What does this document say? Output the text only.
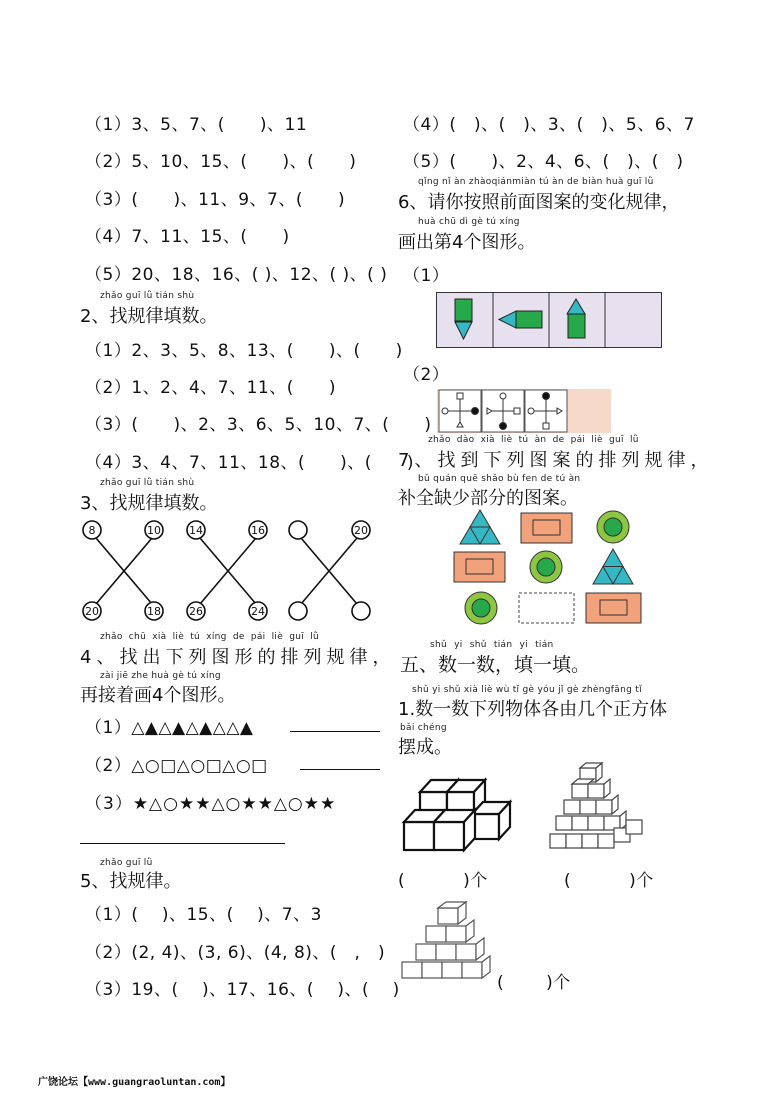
（1）3、5、7、(　　)、11
（2）5、10、15、(　　)、(　　)
（3）(　　)、11、9、7、(　　)
（4）7、11、15、(　　)
（5）20、18、16、( )、12、( )、( )
zhǎo guī lǜ tián shù
2、找规律填数。
（1）2、3、5、8、13、(　　)、(　　)
（2）1、2、4、7、11、(　　)
（3）(　　)、2、3、6、5、10、7、(　　)
（4）3、4、7、11、18、(　　)、(　　)
zhǎo guī lǜ tián shù
3、找规律填数。
8	10
20	18
14	16
26	24
20
zhǎo chū xià liè tú xíng de pái liè guī lǜ
4、找出下列图形的排列规律，
zài jiē zhe huà gè tú xíng
再接着画4个图形。
（1）△▲△▲△▲△△▲
（2）△○□△○□△○□
（3）★△○★★△○★★△○★★
zhǎo guī lǜ
5、找规律。
（1）(　 )、15、(　 )、7、3
（2）(2, 4)、(3, 6)、(4, 8)、(　,　)
（3）19、(　 )、17、16、(　 )、(　 )
（4）(　)、(　)、3、(　)、5、6、7
（5）(　　)、2、4、6、(　)、(　)
qǐng nǐ àn zhàoqiánmiàn tú àn de biàn huà guī lǜ
6、请你按照前面图案的变化规律，
huà chū dì gè tú xíng
画出第4个图形。
（1）
（2）
zhǎo dào xià liè tú àn de pái liè guī lǜ
7、找到下列图案的排列规律，
bǔ quán quē shǎo bù fen de tú àn
补全缺少部分的图案。
shǔ yi shǔ tián yi tián
五、数一数，填一填。
shǔ yi shǔ xià liè wù tǐ gè yóu jǐ gè zhèngfāng tǐ
1.数一数下列物体各由几个正方体
bǎi chéng
摆成。
(	)个	(	)个
( )个
广饶论坛【www.guangraoluntan.com】
